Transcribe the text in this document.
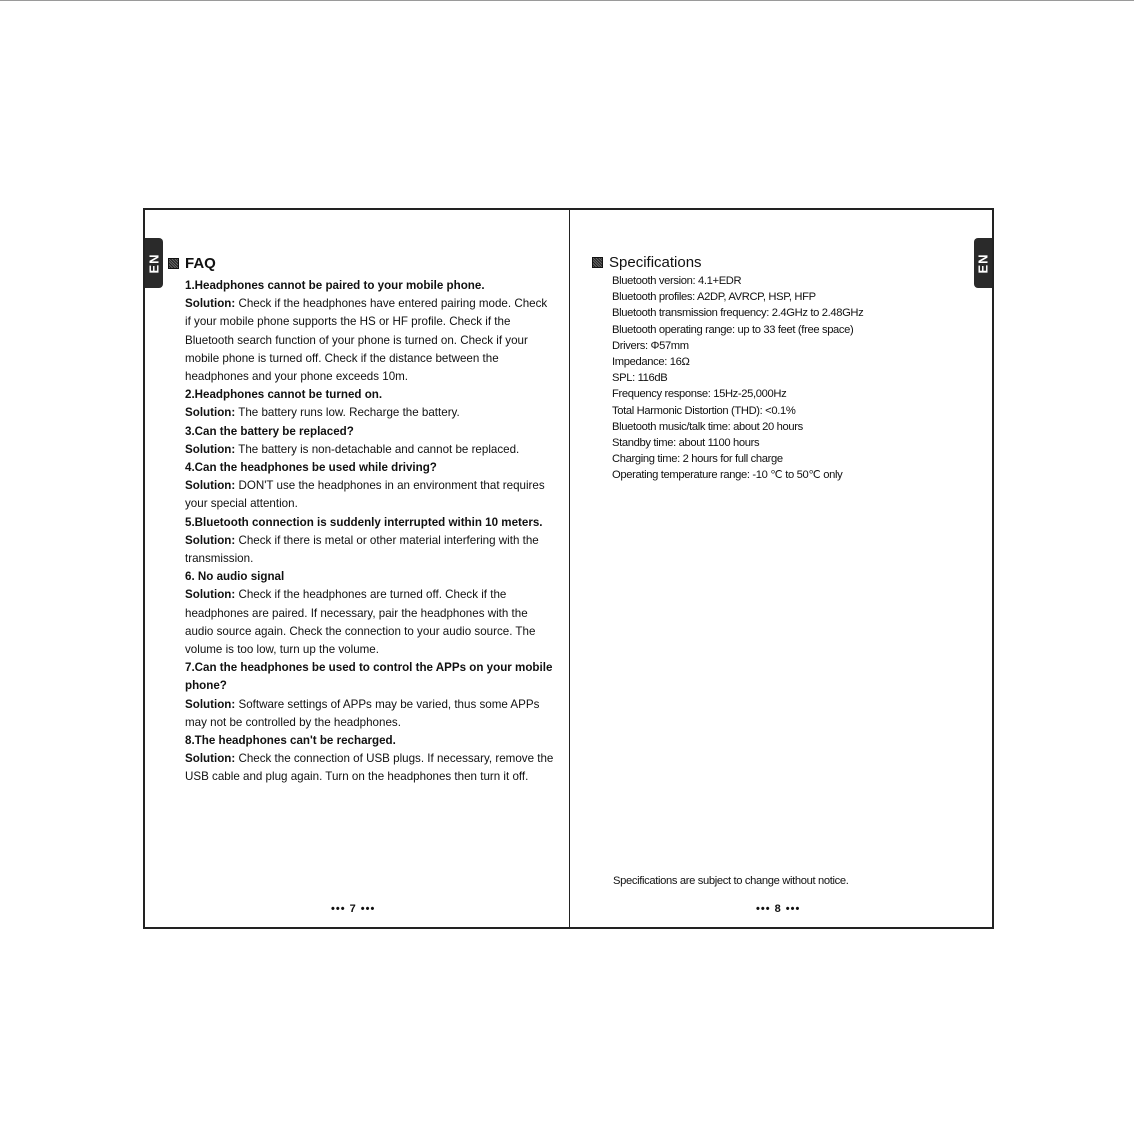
EN	EN
FAQ

1.Headphones cannot be paired to your mobile phone.

Solution: Check if the headphones have entered pairing mode. Check if your mobile phone supports the HS or HF profile. Check if the Bluetooth search function of your phone is turned on. Check if your mobile phone is turned off. Check if the distance between the headphones and your phone exceeds 10m.

2.Headphones cannot be turned on.

Solution: The battery runs low. Recharge the battery.

3.Can the battery be replaced?

Solution: The battery is non-detachable and cannot be replaced.

4.Can the headphones be used while driving?

Solution: DON'T use the headphones in an environment that requires your special attention.

5.Bluetooth connection is suddenly interrupted within 10 meters.

Solution: Check if there is metal or other material interfering with the transmission.

6. No audio signal

Solution: Check if the headphones are turned off. Check if the headphones are paired. If necessary, pair the headphones with the audio source again. Check the connection to your audio source. The volume is too low, turn up the volume.

7.Can the headphones be used to control the APPs on your mobile phone?

Solution: Software settings of APPs may be varied, thus some APPs may not be controlled by the headphones.

8.The headphones can't be recharged.

Solution: Check the connection of USB plugs. If necessary, remove the USB cable and plug again. Turn on the headphones then turn it off.

••• 7 •••
Specifications
Bluetooth version: 4.1+EDR
Bluetooth profiles: A2DP, AVRCP, HSP, HFP
Bluetooth transmission frequency: 2.4GHz to 2.48GHz
Bluetooth operating range: up to 33 feet (free space)
Drivers: Φ57mm
Impedance: 16Ω
SPL: 116dB
Frequency response: 15Hz-25,000Hz
Total Harmonic Distortion (THD): <0.1%
Bluetooth music/talk time: about 20 hours
Standby time: about 1100 hours
Charging time: 2 hours for full charge
Operating temperature range: -10 ℃ to 50℃ only
Specifications are subject to change without notice.
••• 8 •••
